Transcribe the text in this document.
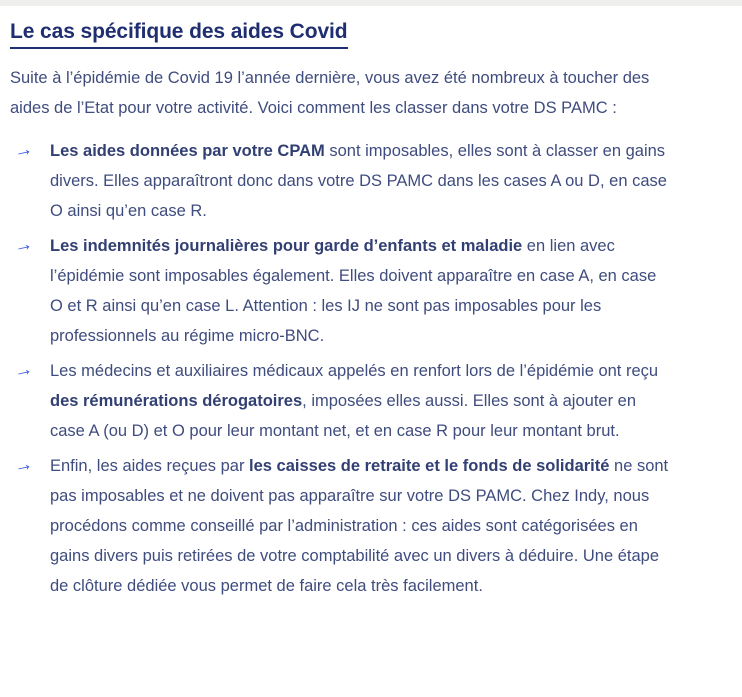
Le cas spécifique des aides Covid

Suite à l’épidémie de Covid 19 l’année dernière, vous avez été nombreux à toucher des aides de l’Etat pour votre activité. Voici comment les classer dans votre DS PAMC :

→ Les aides données par votre CPAM sont imposables, elles sont à classer en gains divers. Elles apparaîtront donc dans votre DS PAMC dans les cases A ou D, en case O ainsi qu’en case R.
→ Les indemnités journalières pour garde d’enfants et maladie en lien avec l’épidémie sont imposables également. Elles doivent apparaître en case A, en case O et R ainsi qu’en case L. Attention : les IJ ne sont pas imposables pour les professionnels au régime micro-BNC.
→ Les médecins et auxiliaires médicaux appelés en renfort lors de l’épidémie ont reçu des rémunérations dérogatoires, imposées elles aussi. Elles sont à ajouter en case A (ou D) et O pour leur montant net, et en case R pour leur montant brut.
→ Enfin, les aides reçues par les caisses de retraite et le fonds de solidarité ne sont pas imposables et ne doivent pas apparaître sur votre DS PAMC. Chez Indy, nous procédons comme conseillé par l’administration : ces aides sont catégorisées en gains divers puis retirées de votre comptabilité avec un divers à déduire. Une étape de clôture dédiée vous permet de faire cela très facilement.
